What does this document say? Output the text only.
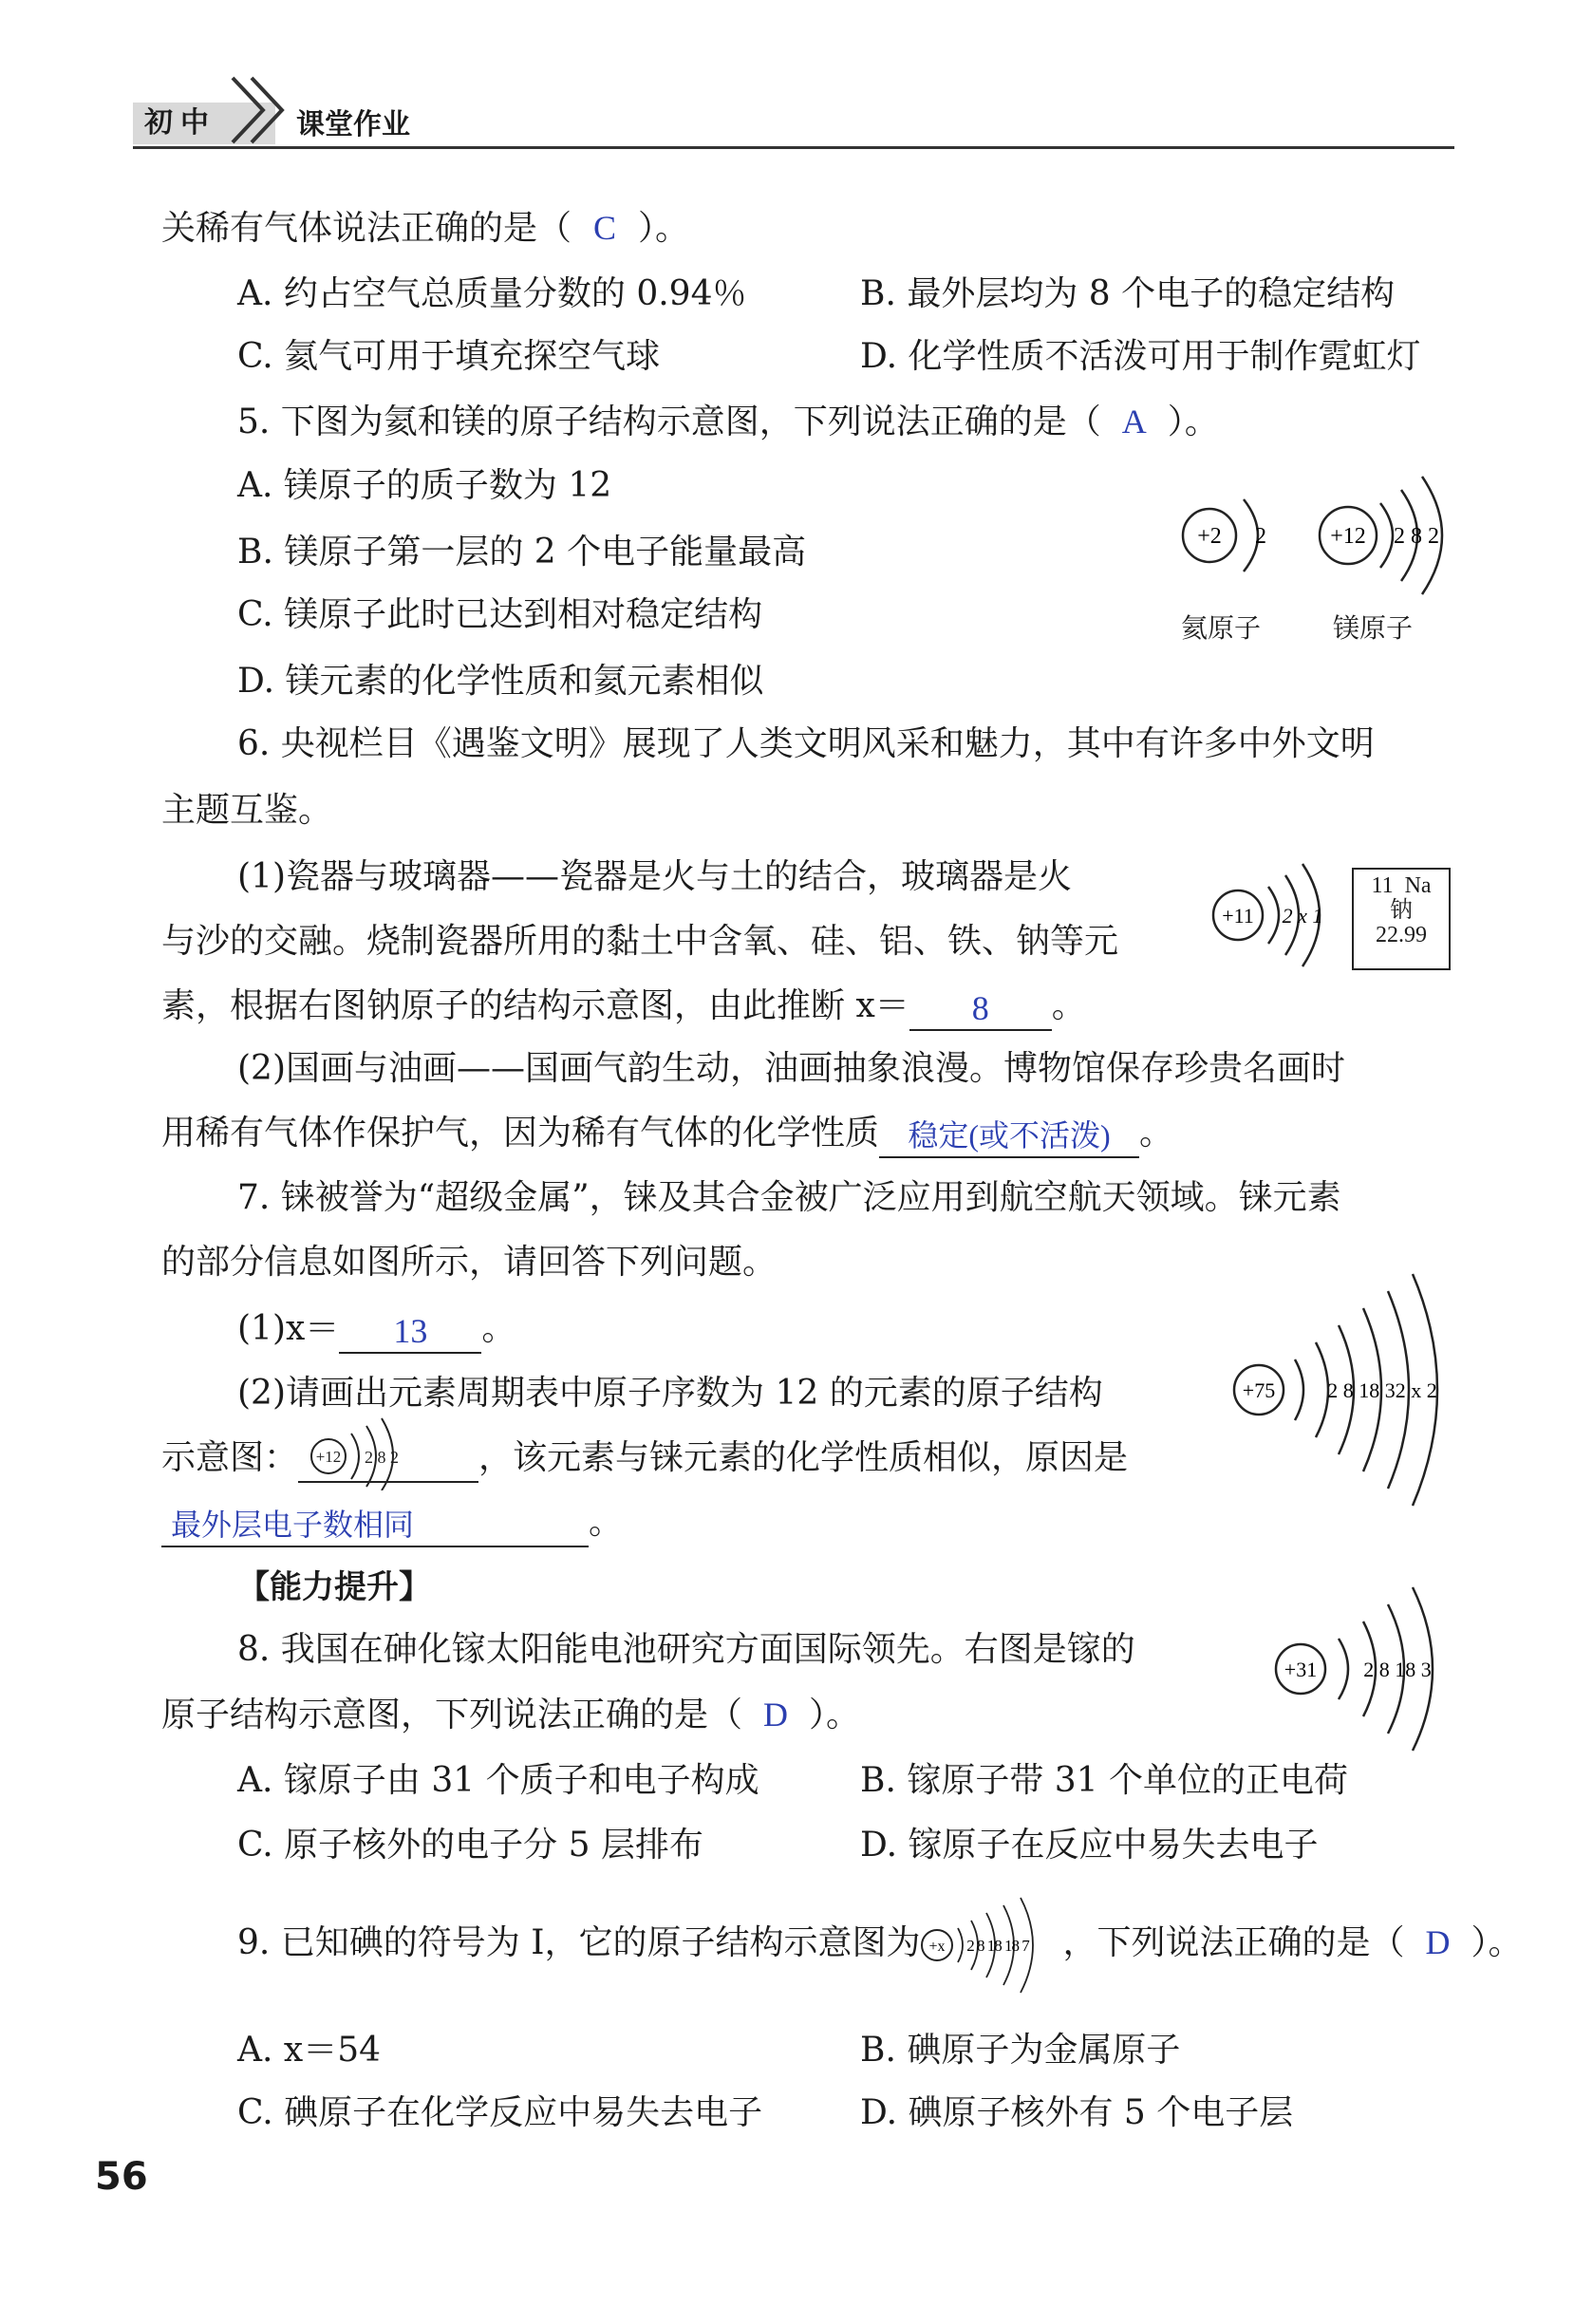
初中	课堂作业
关稀有气体说法正确的是（ C ）。
A. 约占空气总质量分数的 0.94％	B. 最外层均为 8 个电子的稳定结构
C. 氦气可用于填充探空气球	D. 化学性质不活泼可用于制作霓虹灯
5. 下图为氦和镁的原子结构示意图，下列说法正确的是（ A ）。
A. 镁原子的质子数为 12
B. 镁原子第一层的 2 个电子能量最高
C. 镁原子此时已达到相对稳定结构
D. 镁元素的化学性质和氦元素相似
+2 2
氦原子
+12 2 8 2
镁原子
6. 央视栏目《遇鉴文明》展现了人类文明风采和魅力，其中有许多中外文明
主题互鉴。
(1)瓷器与玻璃器——瓷器是火与土的结合，玻璃器是火
与沙的交融。烧制瓷器所用的黏土中含氧、硅、铝、铁、钠等元
素，根据右图钠原子的结构示意图，由此推断 x＝ 8 。
+11 2 x 1
11 Na
钠
22.99
(2)国画与油画——国画气韵生动，油画抽象浪漫。博物馆保存珍贵名画时
用稀有气体作保护气，因为稀有气体的化学性质 稳定(或不活泼) 。
7. 铼被誉为“超级金属”，铼及其合金被广泛应用到航空航天领域。铼元素
的部分信息如图所示，请回答下列问题。
(1)x＝ 13 。
(2)请画出元素周期表中原子序数为 12 的元素的原子结构
示意图： +12 2 8 2 ，该元素与铼元素的化学性质相似，原因是
最外层电子数相同	。
+75	2 8 18 32 x 2
【能力提升】
8. 我国在砷化镓太阳能电池研究方面国际领先。右图是镓的
原子结构示意图，下列说法正确的是（ D ）。
+31 2 8 18 3
A. 镓原子由 31 个质子和电子构成	B. 镓原子带 31 个单位的正电荷
C. 原子核外的电子分 5 层排布	D. 镓原子在反应中易失去电子
9. 已知碘的符号为 I，它的原子结构示意图为 +x 2 8 18 18 7 ，下列说法正确的是（ D ）。
A. x＝54	B. 碘原子为金属原子
C. 碘原子在化学反应中易失去电子	D. 碘原子核外有 5 个电子层
56
